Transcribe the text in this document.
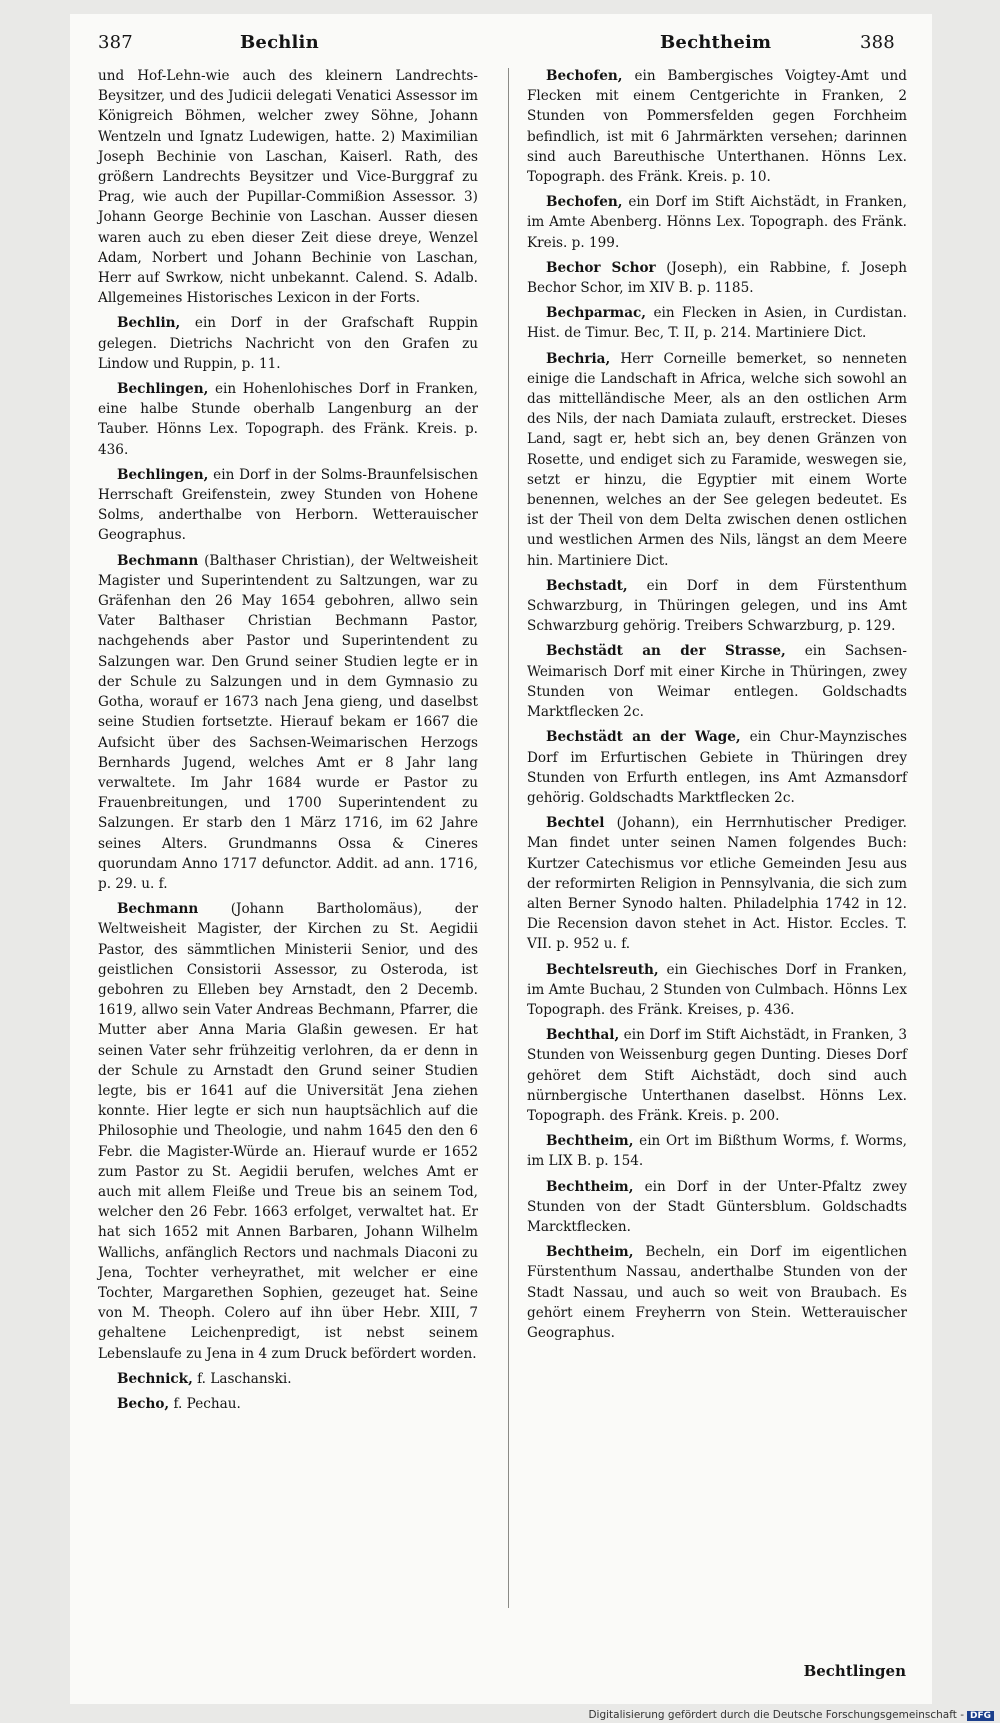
387	Bechlin	Bechtheim	388

und Hof-Lehn-wie auch des kleinern Landrechts-Beysitzer, und des Judicii delegati Venatici Assessor im Königreich Böhmen, welcher zwey Söhne, Johann Wentzeln und Ignatz Ludewigen, hatte. 2) Maximilian Joseph Bechinie von Laschan, Kaiserl. Rath, des größern Landrechts Beysitzer und Vice-Burggraf zu Prag, wie auch der Pupillar-Commißion Assessor. 3) Johann George Bechinie von Laschan. Ausser diesen waren auch zu eben dieser Zeit diese dreye, Wenzel Adam, Norbert und Johann Bechinie von Laschan, Herr auf Swrkow, nicht unbekannt. Calend. S. Adalb. Allgemeines Historisches Lexicon in der Forts.

Bechlin, ein Dorf in der Grafschaft Ruppin gelegen. Dietrichs Nachricht von den Grafen zu Lindow und Ruppin, p. 11.

Bechlingen, ein Hohenlohisches Dorf in Franken, eine halbe Stunde oberhalb Langenburg an der Tauber. Hönns Lex. Topograph. des Fränk. Kreis. p. 436.

Bechlingen, ein Dorf in der Solms-Braunfelsischen Herrschaft Greifenstein, zwey Stunden von Hohene Solms, anderthalbe von Herborn. Wetterauischer Geographus.

Bechmann (Balthaser Christian), der Weltweisheit Magister und Superintendent zu Saltzungen, war zu Gräfenhan den 26 May 1654 gebohren, allwo sein Vater Balthaser Christian Bechmann Pastor, nachgehends aber Pastor und Superintendent zu Salzungen war. Den Grund seiner Studien legte er in der Schule zu Salzungen und in dem Gymnasio zu Gotha, worauf er 1673 nach Jena gieng, und daselbst seine Studien fortsetzte. Hierauf bekam er 1667 die Aufsicht über des Sachsen-Weimarischen Herzogs Bernhards Jugend, welches Amt er 8 Jahr lang verwaltete. Im Jahr 1684 wurde er Pastor zu Frauenbreitungen, und 1700 Superintendent zu Salzungen. Er starb den 1 März 1716, im 62 Jahre seines Alters. Grundmanns Ossa & Cineres quorundam Anno 1717 defunctor. Addit. ad ann. 1716, p. 29. u. f.

Bechmann (Johann Bartholomäus), der Weltweisheit Magister, der Kirchen zu St. Aegidii Pastor, des sämmtlichen Ministerii Senior, und des geistlichen Consistorii Assessor, zu Osteroda, ist gebohren zu Elleben bey Arnstadt, den 2 Decemb. 1619, allwo sein Vater Andreas Bechmann, Pfarrer, die Mutter aber Anna Maria Glaßin gewesen. Er hat seinen Vater sehr frühzeitig verlohren, da er denn in der Schule zu Arnstadt den Grund seiner Studien legte, bis er 1641 auf die Universität Jena ziehen konnte. Hier legte er sich nun hauptsächlich auf die Philosophie und Theologie, und nahm 1645 den den 6 Febr. die Magister-Würde an. Hierauf wurde er 1652 zum Pastor zu St. Aegidii berufen, welches Amt er auch mit allem Fleiße und Treue bis an seinem Tod, welcher den 26 Febr. 1663 erfolget, verwaltet hat. Er hat sich 1652 mit Annen Barbaren, Johann Wilhelm Wallichs, anfänglich Rectors und nachmals Diaconi zu Jena, Tochter verheyrathet, mit welcher er eine Tochter, Margarethen Sophien, gezeuget hat. Seine von M. Theoph. Colero auf ihn über Hebr. XIII, 7 gehaltene Leichenpredigt, ist nebst seinem Lebenslaufe zu Jena in 4 zum Druck befördert worden.

Bechnick, f. Laschanski.

Becho, f. Pechau.

Bechofen, ein Bambergisches Voigtey-Amt und Flecken mit einem Centgerichte in Franken, 2 Stunden von Pommersfelden gegen Forchheim befindlich, ist mit 6 Jahrmärkten versehen; darinnen sind auch Bareuthische Unterthanen. Hönns Lex. Topograph. des Fränk. Kreis. p. 10.

Bechofen, ein Dorf im Stift Aichstädt, in Franken, im Amte Abenberg. Hönns Lex. Topograph. des Fränk. Kreis. p. 199.

Bechor Schor (Joseph), ein Rabbine, f. Joseph Bechor Schor, im XIV B. p. 1185.

Bechparmac, ein Flecken in Asien, in Curdistan. Hist. de Timur. Bec, T. II, p. 214. Martiniere Dict.

Bechria, Herr Corneille bemerket, so nenneten einige die Landschaft in Africa, welche sich sowohl an das mittelländische Meer, als an den ostlichen Arm des Nils, der nach Damiata zulauft, erstrecket. Dieses Land, sagt er, hebt sich an, bey denen Gränzen von Rosette, und endiget sich zu Faramide, weswegen sie, setzt er hinzu, die Egyptier mit einem Worte benennen, welches an der See gelegen bedeutet. Es ist der Theil von dem Delta zwischen denen ostlichen und westlichen Armen des Nils, längst an dem Meere hin. Martiniere Dict.

Bechstadt, ein Dorf in dem Fürstenthum Schwarzburg, in Thüringen gelegen, und ins Amt Schwarzburg gehörig. Treibers Schwarzburg, p. 129.

Bechstädt an der Strasse, ein Sachsen-Weimarisch Dorf mit einer Kirche in Thüringen, zwey Stunden von Weimar entlegen. Goldschadts Marktflecken 2c.

Bechstädt an der Wage, ein Chur-Maynzisches Dorf im Erfurtischen Gebiete in Thüringen drey Stunden von Erfurth entlegen, ins Amt Azmansdorf gehörig. Goldschadts Marktflecken 2c.

Bechtel (Johann), ein Herrnhutischer Prediger. Man findet unter seinen Namen folgendes Buch: Kurtzer Catechismus vor etliche Gemeinden Jesu aus der reformirten Religion in Pennsylvania, die sich zum alten Berner Synodo halten. Philadelphia 1742 in 12. Die Recension davon stehet in Act. Histor. Eccles. T. VII. p. 952 u. f.

Bechtelsreuth, ein Giechisches Dorf in Franken, im Amte Buchau, 2 Stunden von Culmbach. Hönns Lex Topograph. des Fränk. Kreises, p. 436.

Bechthal, ein Dorf im Stift Aichstädt, in Franken, 3 Stunden von Weissenburg gegen Dunting. Dieses Dorf gehöret dem Stift Aichstädt, doch sind auch nürnbergische Unterthanen daselbst. Hönns Lex. Topograph. des Fränk. Kreis. p. 200.

Bechtheim, ein Ort im Bißthum Worms, f. Worms, im LIX B. p. 154.

Bechtheim, ein Dorf in der Unter-Pfaltz zwey Stunden von der Stadt Güntersblum. Goldschadts Marcktflecken.

Bechtheim, Becheln, ein Dorf im eigentlichen Fürstenthum Nassau, anderthalbe Stunden von der Stadt Nassau, und auch so weit von Braubach. Es gehört einem Freyherrn von Stein. Wetterauischer Geographus.

Bechtlingen
Digitalisierung gefördert durch die Deutsche Forschungsgemeinschaft - DFG
